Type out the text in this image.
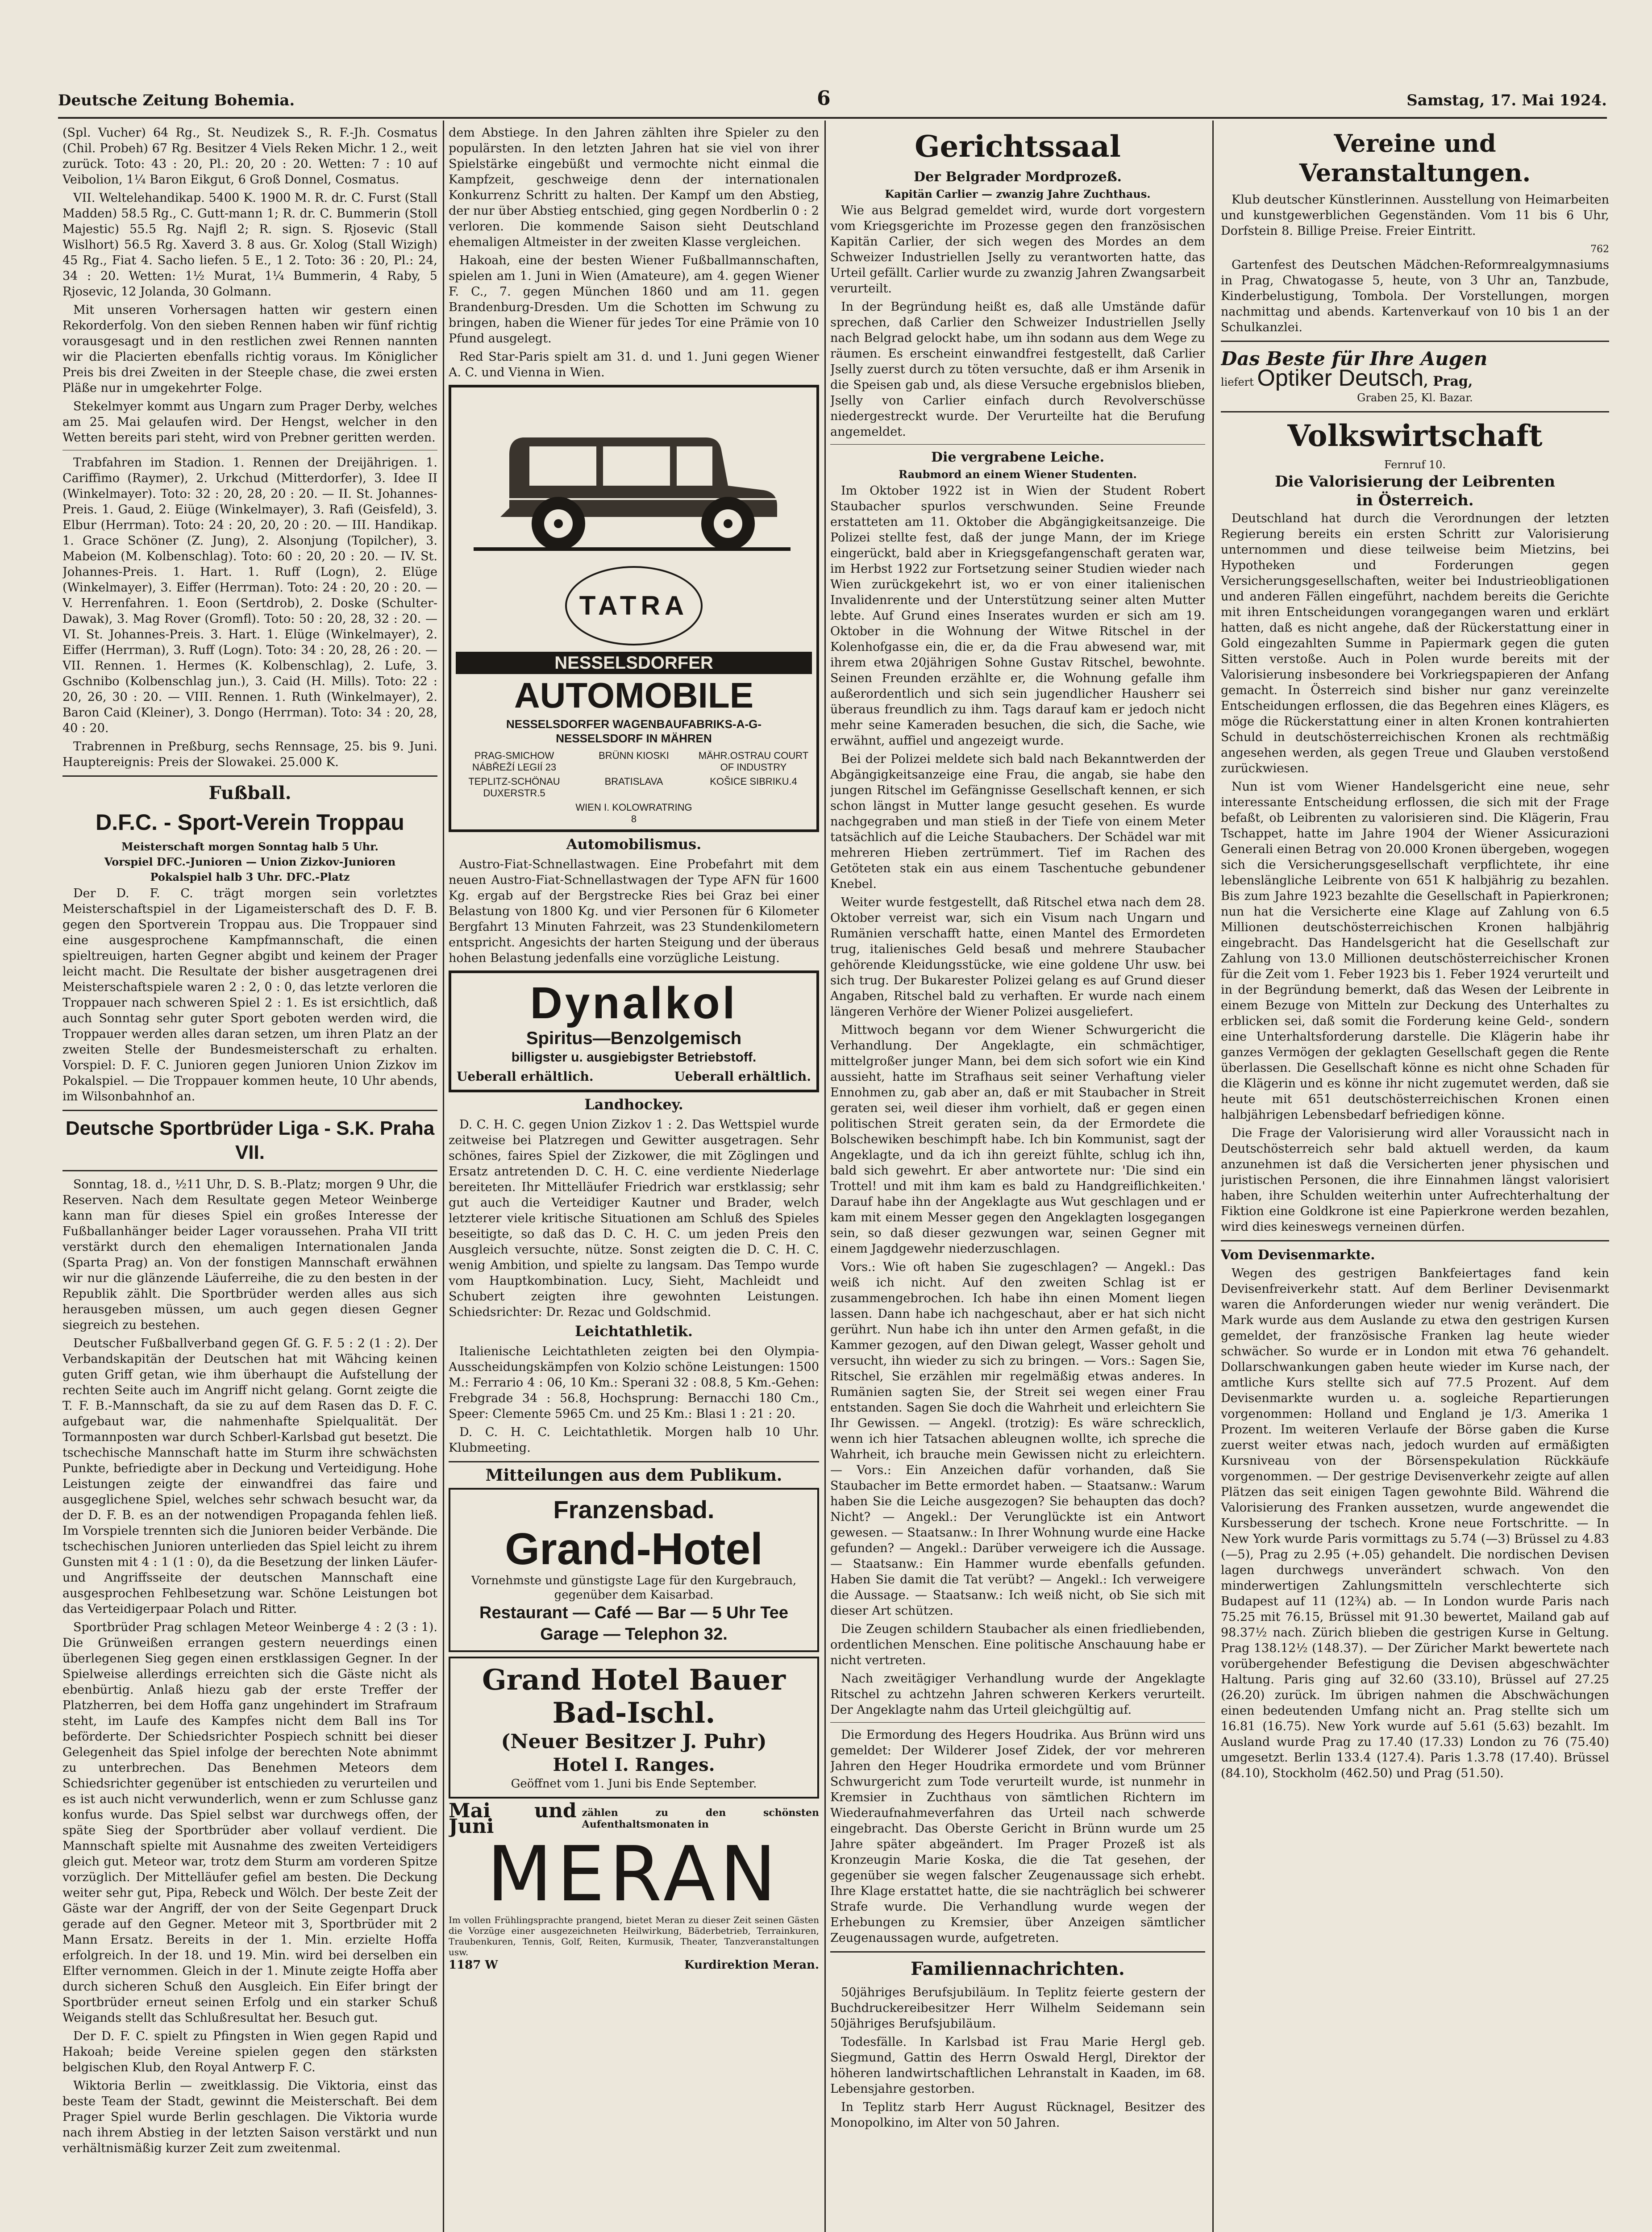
Deutsche Zeitung Bohemia.	6	Samstag, 17. Mai 1924.

(Spl. Vucher) 64 Rg., St. Neudizek S., R. F.-Jh. Cosmatus (Chil. Probeh) 67 Rg. Besitzer 4 Viels Reken Michr. 1 2., weit zurück. Toto: 43 : 20, Pl.: 20, 20 : 20. Wetten: 7 : 10 auf Veibolion, 1¼ Baron Eikgut, 6 Groß Donnel, Cosmatus.

VII. Weltelehandikap. 5400 K. 1900 M. R. dr. C. Furst (Stall Madden) 58.5 Rg., C. Gutt-mann 1; R. dr. C. Bummerin (Stoll Majestic) 55.5 Rg. Najfl 2; R. sign. S. Rjosevic (Stall Wislhort) 56.5 Rg. Xaverd 3. 8 aus. Gr. Xolog (Stall Wizigh) 45 Rg., Fiat 4. Sacho liefen. 5 E., 1 2. Toto: 36 : 20, Pl.: 24, 34 : 20. Wetten: 1½ Murat, 1¼ Bummerin, 4 Raby, 5 Rjosevic, 12 Jolanda, 30 Golmann.

Mit unseren Vorhersagen hatten wir gestern einen Rekorderfolg. Von den sieben Rennen haben wir fünf richtig vorausgesagt und in den restlichen zwei Rennen nannten wir die Placierten ebenfalls richtig voraus. Im Königlicher Preis bis drei Zweiten in der Steeple chase, die zwei ersten Pläße nur in umgekehrter Folge.

Stekelmyer kommt aus Ungarn zum Prager Derby, welches am 25. Mai gelaufen wird. Der Hengst, welcher in den Wetten bereits pari steht, wird von Prebner geritten werden.

Trabfahren im Stadion. 1. Rennen der Dreijährigen. 1. Cariffimo (Raymer), 2. Urkchud (Mitterdorfer), 3. Idee II (Winkelmayer). Toto: 32 : 20, 28, 20 : 20. — II. St. Johannes-Preis. 1. Gaud, 2. Eiüge (Winkelmayer), 3. Rafi (Geisfeld), 3. Elbur (Herrman). Toto: 24 : 20, 20, 20 : 20. — III. Handikap. 1. Grace Schöner (Z. Jung), 2. Alsonjung (Topilcher), 3. Mabeion (M. Kolbenschlag). Toto: 60 : 20, 20 : 20. — IV. St. Johannes-Preis. 1. Hart. 1. Ruff (Logn), 2. Elüge (Winkelmayer), 3. Eiffer (Herrman). Toto: 24 : 20, 20 : 20. — V. Herrenfahren. 1. Eoon (Sertdrob), 2. Doske (Schulter-Dawak), 3. Mag Rover (Gromfl). Toto: 50 : 20, 28, 32 : 20. — VI. St. Johannes-Preis. 3. Hart. 1. Elüge (Winkelmayer), 2. Eiffer (Herrman), 3. Ruff (Logn). Toto: 34 : 20, 28, 26 : 20. — VII. Rennen. 1. Hermes (K. Kolbenschlag), 2. Lufe, 3. Gschnibo (Kolbenschlag jun.), 3. Caid (H. Mills). Toto: 22 : 20, 26, 30 : 20. — VIII. Rennen. 1. Ruth (Winkelmayer), 2. Baron Caid (Kleiner), 3. Dongo (Herrman). Toto: 34 : 20, 28, 40 : 20.

Trabrennen in Preßburg, sechs Rennsage, 25. bis 9. Juni. Hauptereignis: Preis der Slowakei. 25.000 K.

Fußball.
D.F.C. - Sport-Verein Troppau
Meisterschaft morgen Sonntag halb 5 Uhr.
Vorspiel DFC.-Junioren — Union Zizkov-Junioren
Pokalspiel halb 3 Uhr. DFC.-Platz

Der D. F. C. trägt morgen sein vorletztes Meisterschaftspiel in der Ligameisterschaft des D. F. B. gegen den Sportverein Troppau aus. Die Troppauer sind eine ausgesprochene Kampfmannschaft, die einen spieltreuigen, harten Gegner abgibt und keinem der Prager leicht macht. Die Resultate der bisher ausgetragenen drei Meisterschaftspiele waren 2 : 2, 0 : 0, das letzte verloren die Troppauer nach schweren Spiel 2 : 1. Es ist ersichtlich, daß auch Sonntag sehr guter Sport geboten werden wird, die Troppauer werden alles daran setzen, um ihren Platz an der zweiten Stelle der Bundesmeisterschaft zu erhalten. Vorspiel: D. F. C. Junioren gegen Junioren Union Zizkov im Pokalspiel. — Die Troppauer kommen heute, 10 Uhr abends, im Wilsonbahnhof an.

Deutsche Sportbrüder Liga - S.K. Praha VII.

Sonntag, 18. d., ½11 Uhr, D. S. B.-Platz; morgen 9 Uhr, die Reserven. Nach dem Resultate gegen Meteor Weinberge kann man für dieses Spiel ein großes Interesse der Fußballanhänger beider Lager voraussehen. Praha VII tritt verstärkt durch den ehemaligen Internationalen Janda (Sparta Prag) an. Von der fonstigen Mannschaft erwähnen wir nur die glänzende Läuferreihe, die zu den besten in der Republik zählt. Die Sportbrüder werden alles aus sich herausgeben müssen, um auch gegen diesen Gegner siegreich zu bestehen.

Deutscher Fußballverband gegen Gf. G. F. 5 : 2 (1 : 2). Der Verbandskapitän der Deutschen hat mit Wähcing keinen guten Griff getan, wie ihm überhaupt die Aufstellung der rechten Seite auch im Angriff nicht gelang. Gornt zeigte die T. F. B.-Mannschaft, da sie zu auf dem Rasen das D. F. C. aufgebaut war, die nahmenhafte Spielqualität. Der Tormannposten war durch Schberl-Karlsbad gut besetzt. Die tschechische Mannschaft hatte im Sturm ihre schwächsten Punkte, befriedigte aber in Deckung und Verteidigung. Hohe Leistungen zeigte der einwandfrei das faire und ausgeglichene Spiel, welches sehr schwach besucht war, da der D. F. B. es an der notwendigen Propaganda fehlen ließ. Im Vorspiele trennten sich die Junioren beider Verbände. Die tschechischen Junioren unterlieden das Spiel leicht zu ihrem Gunsten mit 4 : 1 (1 : 0), da die Besetzung der linken Läufer- und Angriffsseite der deutschen Mannschaft eine ausgesprochen Fehlbesetzung war. Schöne Leistungen bot das Verteidigerpaar Polach und Ritter.

Sportbrüder Prag schlagen Meteor Weinberge 4 : 2 (3 : 1). Die Grünweißen errangen gestern neuerdings einen überlegenen Sieg gegen einen erstklassigen Gegner. In der Spielweise allerdings erreichten sich die Gäste nicht als ebenbürtig. Anlaß hiezu gab der erste Treffer der Platzherren, bei dem Hoffa ganz ungehindert im Strafraum steht, im Laufe des Kampfes nicht dem Ball ins Tor beförderte. Der Schiedsrichter Pospiech schnitt bei dieser Gelegenheit das Spiel infolge der berechten Note abnimmt zu unterbrechen. Das Benehmen Meteors dem Schiedsrichter gegenüber ist entschieden zu verurteilen und es ist auch nicht verwunderlich, wenn er zum Schlusse ganz konfus wurde. Das Spiel selbst war durchwegs offen, der späte Sieg der Sportbrüder aber vollauf verdient. Die Mannschaft spielte mit Ausnahme des zweiten Verteidigers gleich gut. Meteor war, trotz dem Sturm am vorderen Spitze vorzüglich. Der Mittelläufer gefiel am besten. Die Deckung weiter sehr gut, Pipa, Rebeck und Wölch. Der beste Zeit der Gäste war der Angriff, der von der Seite Gegenpart Druck gerade auf den Gegner. Meteor mit 3, Sportbrüder mit 2 Mann Ersatz. Bereits in der 1. Min. erzielte Hoffa erfolgreich. In der 18. und 19. Min. wird bei derselben ein Elfter vernommen. Gleich in der 1. Minute zeigte Hoffa aber durch sicheren Schuß den Ausgleich. Ein Eifer bringt der Sportbrüder erneut seinen Erfolg und ein starker Schuß Weigands stellt das Schlußresultat her. Besuch gut.

Der D. F. C. spielt zu Pfingsten in Wien gegen Rapid und Hakoah; beide Vereine spielen gegen den stärksten belgischen Klub, den Royal Antwerp F. C.

Wiktoria Berlin — zweitklassig. Die Viktoria, einst das beste Team der Stadt, gewinnt die Meisterschaft. Bei dem Prager Spiel wurde Berlin geschlagen. Die Viktoria wurde nach ihrem Abstieg in der letzten Saison verstärkt und nun verhältnismäßig kurzer Zeit zum zweitenmal.

dem Abstiege. In den Jahren zählten ihre Spieler zu den populärsten. In den letzten Jahren hat sie viel von ihrer Spielstärke eingebüßt und vermochte nicht einmal die Kampfzeit, geschweige denn der internationalen Konkurrenz Schritt zu halten. Der Kampf um den Abstieg, der nur über Abstieg entschied, ging gegen Nordberlin 0 : 2 verloren. Die kommende Saison sieht Deutschland ehemaligen Altmeister in der zweiten Klasse vergleichen.

Hakoah, eine der besten Wiener Fußballmannschaften, spielen am 1. Juni in Wien (Amateure), am 4. gegen Wiener F. C., 7. gegen München 1860 und am 11. gegen Brandenburg-Dresden. Um die Schotten im Schwung zu bringen, haben die Wiener für jedes Tor eine Prämie von 10 Pfund ausgelegt.

Red Star-Paris spielt am 31. d. und 1. Juni gegen Wiener A. C. und Vienna in Wien.

TATRA
NESSELSDORFER
AUTOMOBILE
NESSELSDORFER WAGENBAUFABRIKS-A-G-
NESSELSDORF IN MÄHREN
PRAG-SMICHOW NÁBŘEŽÍ LEGIÍ 23
BRÜNN KIOSKI	MÄHR.OSTRAU COURT OF INDUSTRY
TEPLITZ-SCHÖNAU DUXERSTR.5
BRATISLAVA	KOŠICE SIBRIKU.4
WIEN I. KOLOWRATRING 8
Automobilismus.

Austro-Fiat-Schnellastwagen. Eine Probefahrt mit dem neuen Austro-Fiat-Schnellastwagen der Type AFN für 1600 Kg. ergab auf der Bergstrecke Ries bei Graz bei einer Belastung von 1800 Kg. und vier Personen für 6 Kilometer Bergfahrt 13 Minuten Fahrzeit, was 23 Stundenkilometern entspricht. Angesichts der harten Steigung und der überaus hohen Belastung jedenfalls eine vorzügliche Leistung.

Dynalkol
Spiritus—Benzolgemisch
billigster u. ausgiebigster Betriebstoff.
Ueberall erhältlich.	Ueberall erhältlich.
Landhockey.

D. C. H. C. gegen Union Zizkov 1 : 2. Das Wettspiel wurde zeitweise bei Platzregen und Gewitter ausgetragen. Sehr schönes, faires Spiel der Zizkower, die mit Zöglingen und Ersatz antretenden D. C. H. C. eine verdiente Niederlage bereiteten. Ihr Mittelläufer Friedrich war erstklassig; sehr gut auch die Verteidiger Kautner und Brader, welch letzterer viele kritische Situationen am Schluß des Spieles beseitigte, so daß das D. C. H. C. um jeden Preis den Ausgleich versuchte, nütze. Sonst zeigten die D. C. H. C. wenig Ambition, und spielte zu langsam. Das Tempo wurde vom Hauptkombination. Lucy, Sieht, Machleidt und Schubert zeigten ihre gewohnten Leistungen. Schiedsrichter: Dr. Rezac und Goldschmid.

Leichtathletik.

Italienische Leichtathleten zeigten bei den Olympia-Ausscheidungskämpfen von Kolzio schöne Leistungen: 1500 M.: Ferrario 4 : 06, 10 Km.: Sperani 32 : 08.8, 5 Km.-Gehen: Frebgrade 34 : 56.8, Hochsprung: Bernacchi 180 Cm., Speer: Clemente 5965 Cm. und 25 Km.: Blasi 1 : 21 : 20.

D. C. H. C. Leichtathletik. Morgen halb 10 Uhr. Klubmeeting.

Mitteilungen aus dem Publikum.
Franzensbad.
Grand-Hotel
Vornehmste und günstigste Lage für den Kurgebrauch, gegenüber dem Kaisarbad.
Restaurant — Café — Bar — 5 Uhr Tee
Garage — Telephon 32.
Grand Hotel Bauer
Bad-Ischl.
(Neuer Besitzer J. Puhr)
Hotel I. Ranges.
Geöffnet vom 1. Juni bis Ende September.
Mai und Juni
zählen zu den schönsten Aufenthaltsmonaten in
MERAN
Im vollen Frühlingsprachte prangend, bietet Meran zu dieser Zeit seinen Gästen die Vorzüge einer ausgezeichneten Heilwirkung, Bäderbetrieb, Terrainkuren, Traubenkuren, Tennis, Golf, Reiten, Kurmusik, Theater, Tanzveranstaltungen usw.
1187 W	Kurdirektion Meran.
Gerichtssaal
Der Belgrader Mordprozeß.
Kapitän Carlier — zwanzig Jahre Zuchthaus.

Wie aus Belgrad gemeldet wird, wurde dort vorgestern vom Kriegsgerichte im Prozesse gegen den französischen Kapitän Carlier, der sich wegen des Mordes an dem Schweizer Industriellen Jselly zu verantworten hatte, das Urteil gefällt. Carlier wurde zu zwanzig Jahren Zwangsarbeit verurteilt.

In der Begründung heißt es, daß alle Umstände dafür sprechen, daß Carlier den Schweizer Industriellen Jselly nach Belgrad gelockt habe, um ihn sodann aus dem Wege zu räumen. Es erscheint einwandfrei festgestellt, daß Carlier Jselly zuerst durch zu töten versuchte, daß er ihm Arsenik in die Speisen gab und, als diese Versuche ergebnislos blieben, Jselly von Carlier einfach durch Revolverschüsse niedergestreckt wurde. Der Verurteilte hat die Berufung angemeldet.

Die vergrabene Leiche.
Raubmord an einem Wiener Studenten.

Im Oktober 1922 ist in Wien der Student Robert Staubacher spurlos verschwunden. Seine Freunde erstatteten am 11. Oktober die Abgängigkeitsanzeige. Die Polizei stellte fest, daß der junge Mann, der im Kriege eingerückt, bald aber in Kriegsgefangenschaft geraten war, im Herbst 1922 zur Fortsetzung seiner Studien wieder nach Wien zurückgekehrt ist, wo er von einer italienischen Invalidenrente und der Unterstützung seiner alten Mutter lebte. Auf Grund eines Inserates wurden er sich am 19. Oktober in die Wohnung der Witwe Ritschel in der Kolenhofgasse ein, die er, da die Frau abwesend war, mit ihrem etwa 20jährigen Sohne Gustav Ritschel, bewohnte. Seinen Freunden erzählte er, die Wohnung gefalle ihm außerordentlich und sich sein jugendlicher Hausherr sei überaus freundlich zu ihm. Tags darauf kam er jedoch nicht mehr seine Kameraden besuchen, die sich, die Sache, wie erwähnt, auffiel und angezeigt wurde.

Bei der Polizei meldete sich bald nach Bekanntwerden der Abgängigkeitsanzeige eine Frau, die angab, sie habe den jungen Ritschel im Gefängnisse Gesellschaft kennen, er sich schon längst in Mutter lange gesucht gesehen. Es wurde nachgegraben und man stieß in der Tiefe von einem Meter tatsächlich auf die Leiche Staubachers. Der Schädel war mit mehreren Hieben zertrümmert. Tief im Rachen des Getöteten stak ein aus einem Taschentuche gebundener Knebel.

Weiter wurde festgestellt, daß Ritschel etwa nach dem 28. Oktober verreist war, sich ein Visum nach Ungarn und Rumänien verschafft hatte, einen Mantel des Ermordeten trug, italienisches Geld besaß und mehrere Staubacher gehörende Kleidungsstücke, wie eine goldene Uhr usw. bei sich trug. Der Bukarester Polizei gelang es auf Grund dieser Angaben, Ritschel bald zu verhaften. Er wurde nach einem längeren Verhöre der Wiener Polizei ausgeliefert.

Mittwoch begann vor dem Wiener Schwurgericht die Verhandlung. Der Angeklagte, ein schmächtiger, mittelgroßer junger Mann, bei dem sich sofort wie ein Kind aussieht, hatte im Strafhaus seit seiner Verhaftung vieler Ennohmen zu, gab aber an, daß er mit Staubacher in Streit geraten sei, weil dieser ihm vorhielt, daß er gegen einen politischen Streit geraten sein, da der Ermordete die Bolschewiken beschimpft habe. Ich bin Kommunist, sagt der Angeklagte, und da ich ihn gereizt fühlte, schlug ich ihn, bald sich gewehrt. Er aber antwortete nur: 'Die sind ein Trottel! und mit ihm kam es bald zu Handgreiflichkeiten.' Darauf habe ihn der Angeklagte aus Wut geschlagen und er kam mit einem Messer gegen den Angeklagten losgegangen sein, so daß dieser gezwungen war, seinen Gegner mit einem Jagdgewehr niederzuschlagen.

Vors.: Wie oft haben Sie zugeschlagen? — Angekl.: Das weiß ich nicht. Auf den zweiten Schlag ist er zusammengebrochen. Ich habe ihn einen Moment liegen lassen. Dann habe ich nachgeschaut, aber er hat sich nicht gerührt. Nun habe ich ihn unter den Armen gefaßt, in die Kammer gezogen, auf den Diwan gelegt, Wasser geholt und versucht, ihn wieder zu sich zu bringen. — Vors.: Sagen Sie, Ritschel, Sie erzählen mir regelmäßig etwas anderes. In Rumänien sagten Sie, der Streit sei wegen einer Frau entstanden. Sagen Sie doch die Wahrheit und erleichtern Sie Ihr Gewissen. — Angekl. (trotzig): Es wäre schrecklich, wenn ich hier Tatsachen ableugnen wollte, ich spreche die Wahrheit, ich brauche mein Gewissen nicht zu erleichtern. — Vors.: Ein Anzeichen dafür vorhanden, daß Sie Staubacher im Bette ermordet haben. — Staatsanw.: Warum haben Sie die Leiche ausgezogen? Sie behaupten das doch? Nicht? — Angekl.: Der Verunglückte ist ein Antwort gewesen. — Staatsanw.: In Ihrer Wohnung wurde eine Hacke gefunden? — Angekl.: Darüber verweigere ich die Aussage. — Staatsanw.: Ein Hammer wurde ebenfalls gefunden. Haben Sie damit die Tat verübt? — Angekl.: Ich verweigere die Aussage. — Staatsanw.: Ich weiß nicht, ob Sie sich mit dieser Art schützen.

Die Zeugen schildern Staubacher als einen friedliebenden, ordentlichen Menschen. Eine politische Anschauung habe er nicht vertreten.

Nach zweitägiger Verhandlung wurde der Angeklagte Ritschel zu achtzehn Jahren schweren Kerkers verurteilt. Der Angeklagte nahm das Urteil gleichgültig auf.

Die Ermordung des Hegers Houdrika. Aus Brünn wird uns gemeldet: Der Wilderer Josef Zidek, der vor mehreren Jahren den Heger Houdrika ermordete und vom Brünner Schwurgericht zum Tode verurteilt wurde, ist nunmehr in Kremsier in Zuchthaus von sämtlichen Richtern im Wiederaufnahmeverfahren das Urteil nach schwerde eingebracht. Das Oberste Gericht in Brünn wurde um 25 Jahre später abgeändert. Im Prager Prozeß ist als Kronzeugin Marie Koska, die die Tat gesehen, der gegenüber sie wegen falscher Zeugenaussage sich erhebt. Ihre Klage erstattet hatte, die sie nachträglich bei schwerer Strafe wurde. Die Verhandlung wurde wegen der Erhebungen zu Kremsier, über Anzeigen sämtlicher Zeugenaussagen wurde, aufgetreten.

Familiennachrichten.

50jähriges Berufsjubiläum. In Teplitz feierte gestern der Buchdruckereibesitzer Herr Wilhelm Seidemann sein 50jähriges Berufsjubiläum.

Todesfälle. In Karlsbad ist Frau Marie Hergl geb. Siegmund, Gattin des Herrn Oswald Hergl, Direktor der höheren landwirtschaftlichen Lehranstalt in Kaaden, im 68. Lebensjahre gestorben.

In Teplitz starb Herr August Rücknagel, Besitzer des Monopolkino, im Alter von 50 Jahren.

Vereine und Veranstaltungen.

Klub deutscher Künstlerinnen. Ausstellung von Heimarbeiten und kunstgewerblichen Gegenständen. Vom 11 bis 6 Uhr, Dorfstein 8. Billige Preise. Freier Eintritt.

762

Gartenfest des Deutschen Mädchen-Reformrealgymnasiums in Prag, Chwatogasse 5, heute, von 3 Uhr an, Tanzbude, Kinderbelustigung, Tombola. Der Vorstellungen, morgen nachmittag und abends. Kartenverkauf von 10 bis 1 an der Schulkanzlei.

Das Beste für Ihre Augen
liefert Optiker Deutsch, Prag,
Graben 25, Kl. Bazar.
Volkswirtschaft
Fernruf 10.
Die Valorisierung der Leibrenten
in Österreich.

Deutschland hat durch die Verordnungen der letzten Regierung bereits ein ersten Schritt zur Valorisierung unternommen und diese teilweise beim Mietzins, bei Hypotheken und Forderungen gegen Versicherungsgesellschaften, weiter bei Industrieobligationen und anderen Fällen eingeführt, nachdem bereits die Gerichte mit ihren Entscheidungen vorangegangen waren und erklärt hatten, daß es nicht angehe, daß der Rückerstattung einer in Gold eingezahlten Summe in Papiermark gegen die guten Sitten verstoße. Auch in Polen wurde bereits mit der Valorisierung insbesondere bei Vorkriegspapieren der Anfang gemacht. In Österreich sind bisher nur ganz vereinzelte Entscheidungen erflossen, die das Begehren eines Klägers, es möge die Rückerstattung einer in alten Kronen kontrahierten Schuld in deutschösterreichischen Kronen als rechtmäßig angesehen werden, als gegen Treue und Glauben verstoßend zurückwiesen.

Nun ist vom Wiener Handelsgericht eine neue, sehr interessante Entscheidung erflossen, die sich mit der Frage befaßt, ob Leibrenten zu valorisieren sind. Die Klägerin, Frau Tschappet, hatte im Jahre 1904 der Wiener Assicurazioni Generali einen Betrag von 20.000 Kronen übergeben, wogegen sich die Versicherungsgesellschaft verpflichtete, ihr eine lebenslängliche Leibrente von 651 K halbjährig zu bezahlen. Bis zum Jahre 1923 bezahlte die Gesellschaft in Papierkronen; nun hat die Versicherte eine Klage auf Zahlung von 6.5 Millionen deutschösterreichischen Kronen halbjährig eingebracht. Das Handelsgericht hat die Gesellschaft zur Zahlung von 13.0 Millionen deutschösterreichischer Kronen für die Zeit vom 1. Feber 1923 bis 1. Feber 1924 verurteilt und in der Begründung bemerkt, daß das Wesen der Leibrente in einem Bezuge von Mitteln zur Deckung des Unterhaltes zu erblicken sei, daß somit die Forderung keine Geld-, sondern eine Unterhaltsforderung darstelle. Die Klägerin habe ihr ganzes Vermögen der geklagten Gesellschaft gegen die Rente überlassen. Die Gesellschaft könne es nicht ohne Schaden für die Klägerin und es könne ihr nicht zugemutet werden, daß sie heute mit 651 deutschösterreichischen Kronen einen halbjährigen Lebensbedarf befriedigen könne.

Die Frage der Valorisierung wird aller Voraussicht nach in Deutschösterreich sehr bald aktuell werden, da kaum anzunehmen ist daß die Versicherten jener physischen und juristischen Personen, die ihre Einnahmen längst valorisiert haben, ihre Schulden weiterhin unter Aufrechterhaltung der Fiktion eine Goldkrone ist eine Papierkrone werden bezahlen, wird dies keineswegs verneinen dürfen.

Vom Devisenmarkte.

Wegen des gestrigen Bankfeiertages fand kein Devisenfreiverkehr statt. Auf dem Berliner Devisenmarkt waren die Anforderungen wieder nur wenig verändert. Die Mark wurde aus dem Auslande zu etwa den gestrigen Kursen gemeldet, der französische Franken lag heute wieder schwächer. So wurde er in London mit etwa 76 gehandelt. Dollarschwankungen gaben heute wieder im Kurse nach, der amtliche Kurs stellte sich auf 77.5 Prozent. Auf dem Devisenmarkte wurden u. a. sogleiche Repartierungen vorgenommen: Holland und England je 1/3. Amerika 1 Prozent. Im weiteren Verlaufe der Börse gaben die Kurse zuerst weiter etwas nach, jedoch wurden auf ermäßigten Kursniveau von der Börsenspekulation Rückkäufe vorgenommen. — Der gestrige Devisenverkehr zeigte auf allen Plätzen das seit einigen Tagen gewohnte Bild. Während die Valorisierung des Franken aussetzen, wurde angewendet die Kursbesserung der tschech. Krone neue Fortschritte. — In New York wurde Paris vormittags zu 5.74 (—3) Brüssel zu 4.83 (—5), Prag zu 2.95 (+.05) gehandelt. Die nordischen Devisen lagen durchwegs unverändert schwach. Von den minderwertigen Zahlungsmitteln verschlechterte sich Budapest auf 11 (12¾) ab. — In London wurde Paris nach 75.25 mit 76.15, Brüssel mit 91.30 bewertet, Mailand gab auf 98.37½ nach. Zürich blieben die gestrigen Kurse in Geltung. Prag 138.12½ (148.37). — Der Züricher Markt bewertete nach vorübergehender Befestigung die Devisen abgeschwächter Haltung. Paris ging auf 32.60 (33.10), Brüssel auf 27.25 (26.20) zurück. Im übrigen nahmen die Abschwächungen einen bedeutenden Umfang nicht an. Prag stellte sich um 16.81 (16.75). New York wurde auf 5.61 (5.63) bezahlt. Im Ausland wurde Prag zu 17.40 (17.33) London zu 76 (75.40) umgesetzt. Berlin 133.4 (127.4). Paris 1.3.78 (17.40). Brüssel (84.10), Stockholm (462.50) und Prag (51.50).
